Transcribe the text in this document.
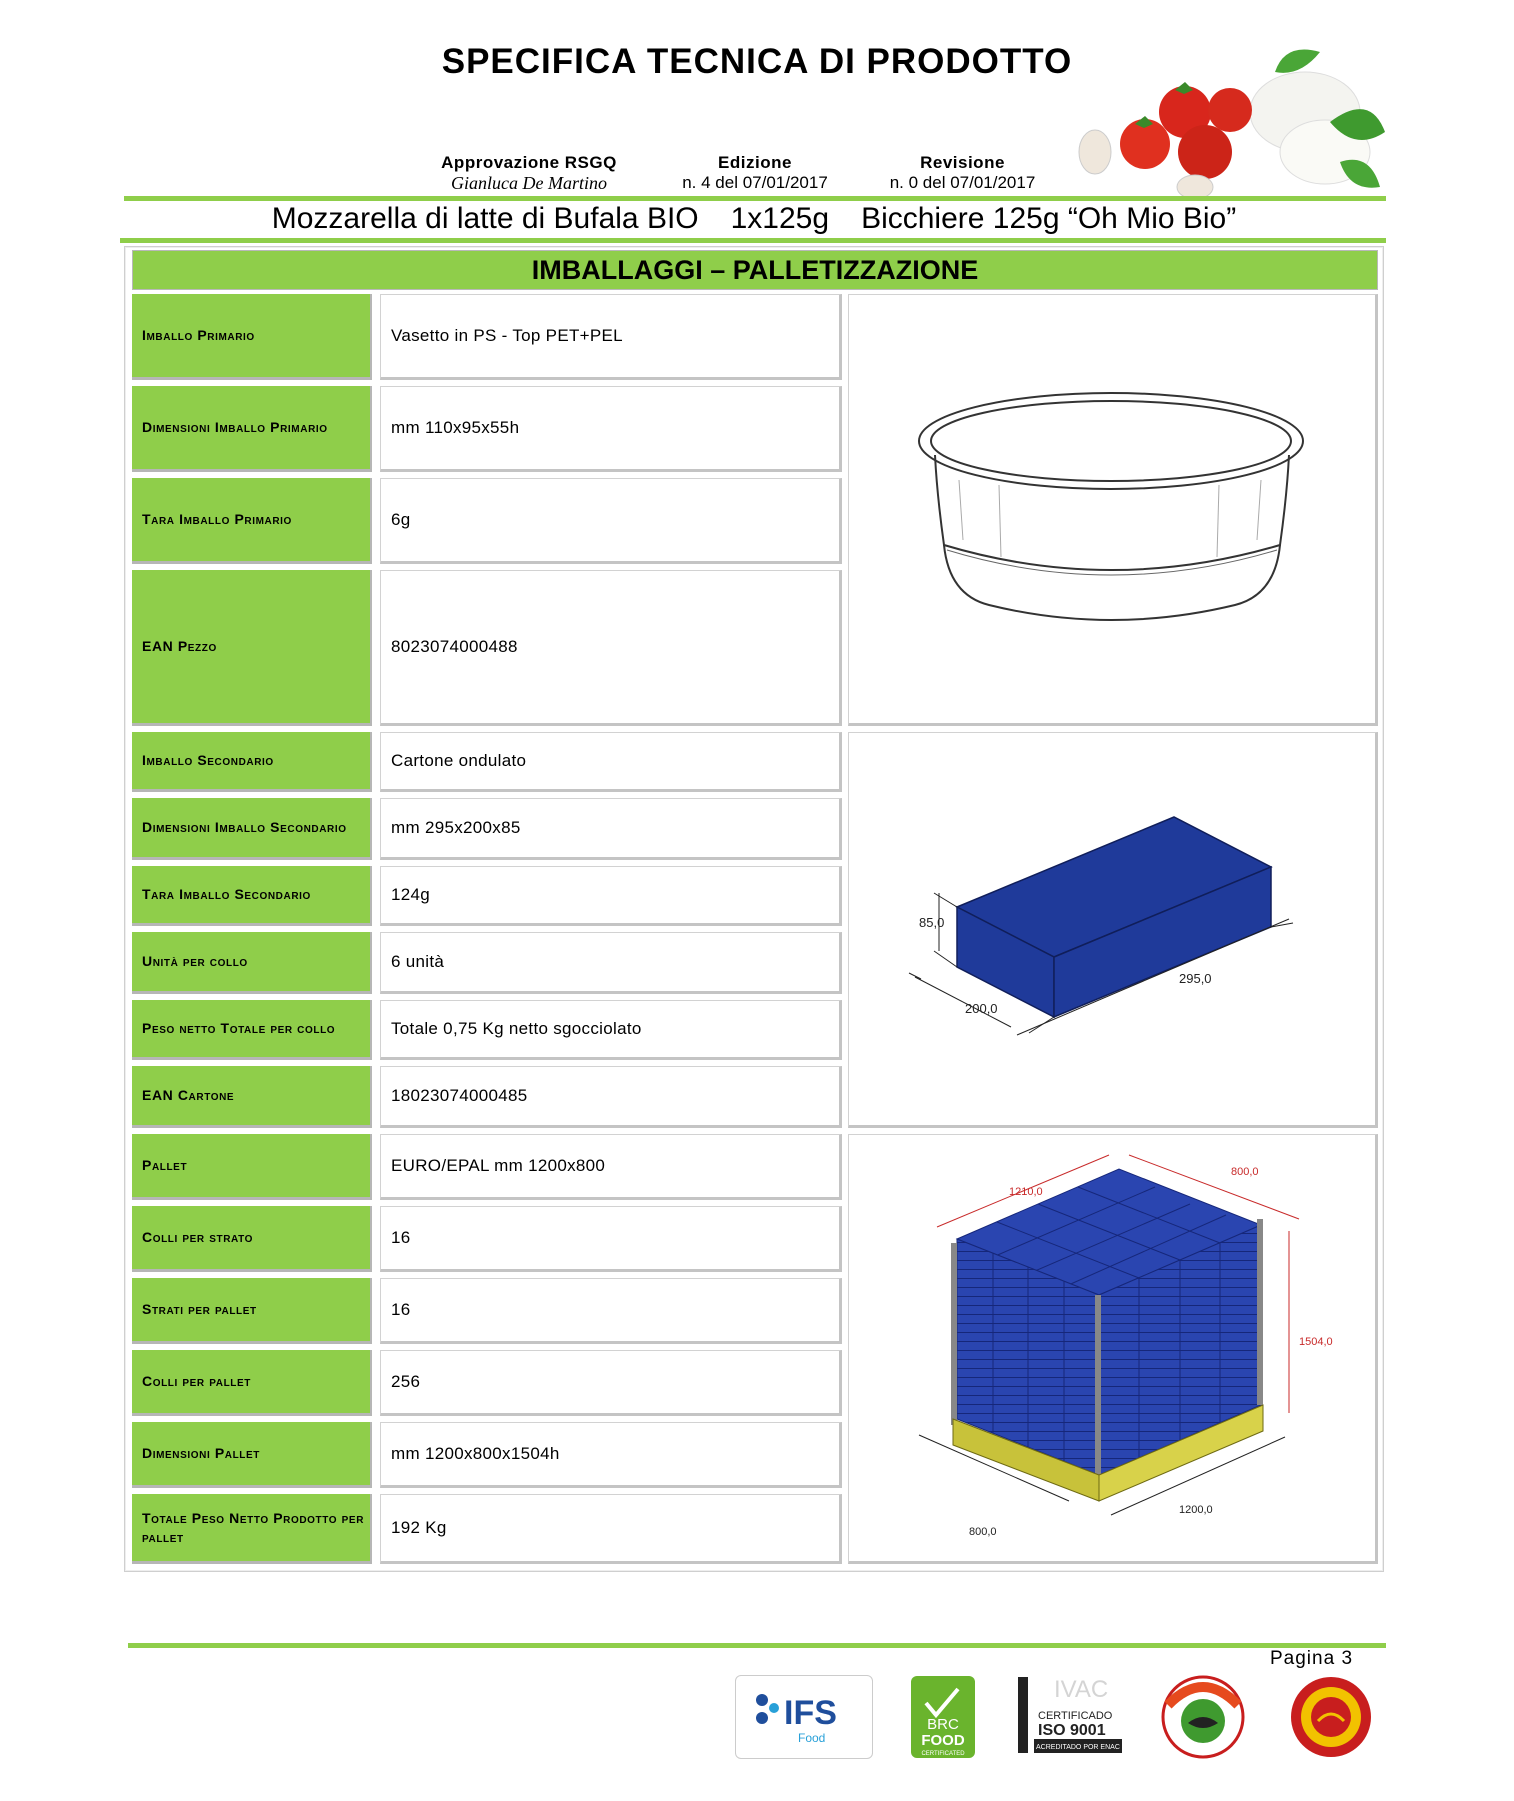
SPECIFICA TECNICA DI PRODOTTO
Approvazione RSGQ
Gianluca De Martino
Edizione
n. 4 del 07/01/2017
Revisione
n. 0 del 07/01/2017
Mozzarella di latte di Bufala BIO 1x125g Bicchiere 125g “Oh Mio Bio”
IMBALLAGGI – PALLETIZZAZIONE
Imballo Primario	Vasetto in PS - Top PET+PEL
Dimensioni Imballo Primario	mm 110x95x55h
Tara Imballo Primario	6g
EAN Pezzo	8023074000488
Imballo Secondario	Cartone ondulato
Dimensioni Imballo Secondario	mm 295x200x85
Tara Imballo Secondario	124g
Unità per collo	6 unità
Peso netto Totale per collo	Totale 0,75 Kg netto sgocciolato
EAN Cartone	18023074000485
85,0
200,0
295,0
Pallet	EURO/EPAL mm 1200x800
Colli per strato	16
Strati per pallet	16
Colli per pallet	256
Dimensioni Pallet	mm 1200x800x1504h
Totale Peso Netto Prodotto per pallet	192 Kg
1210,0
800,0
1504,0
1200,0
800,0
Pagina 3
IFS
Food
BRC
FOOD
CERTIFICATED
IVAC
CERTIFICADO
ISO 9001
ACREDITADO POR ENAC
